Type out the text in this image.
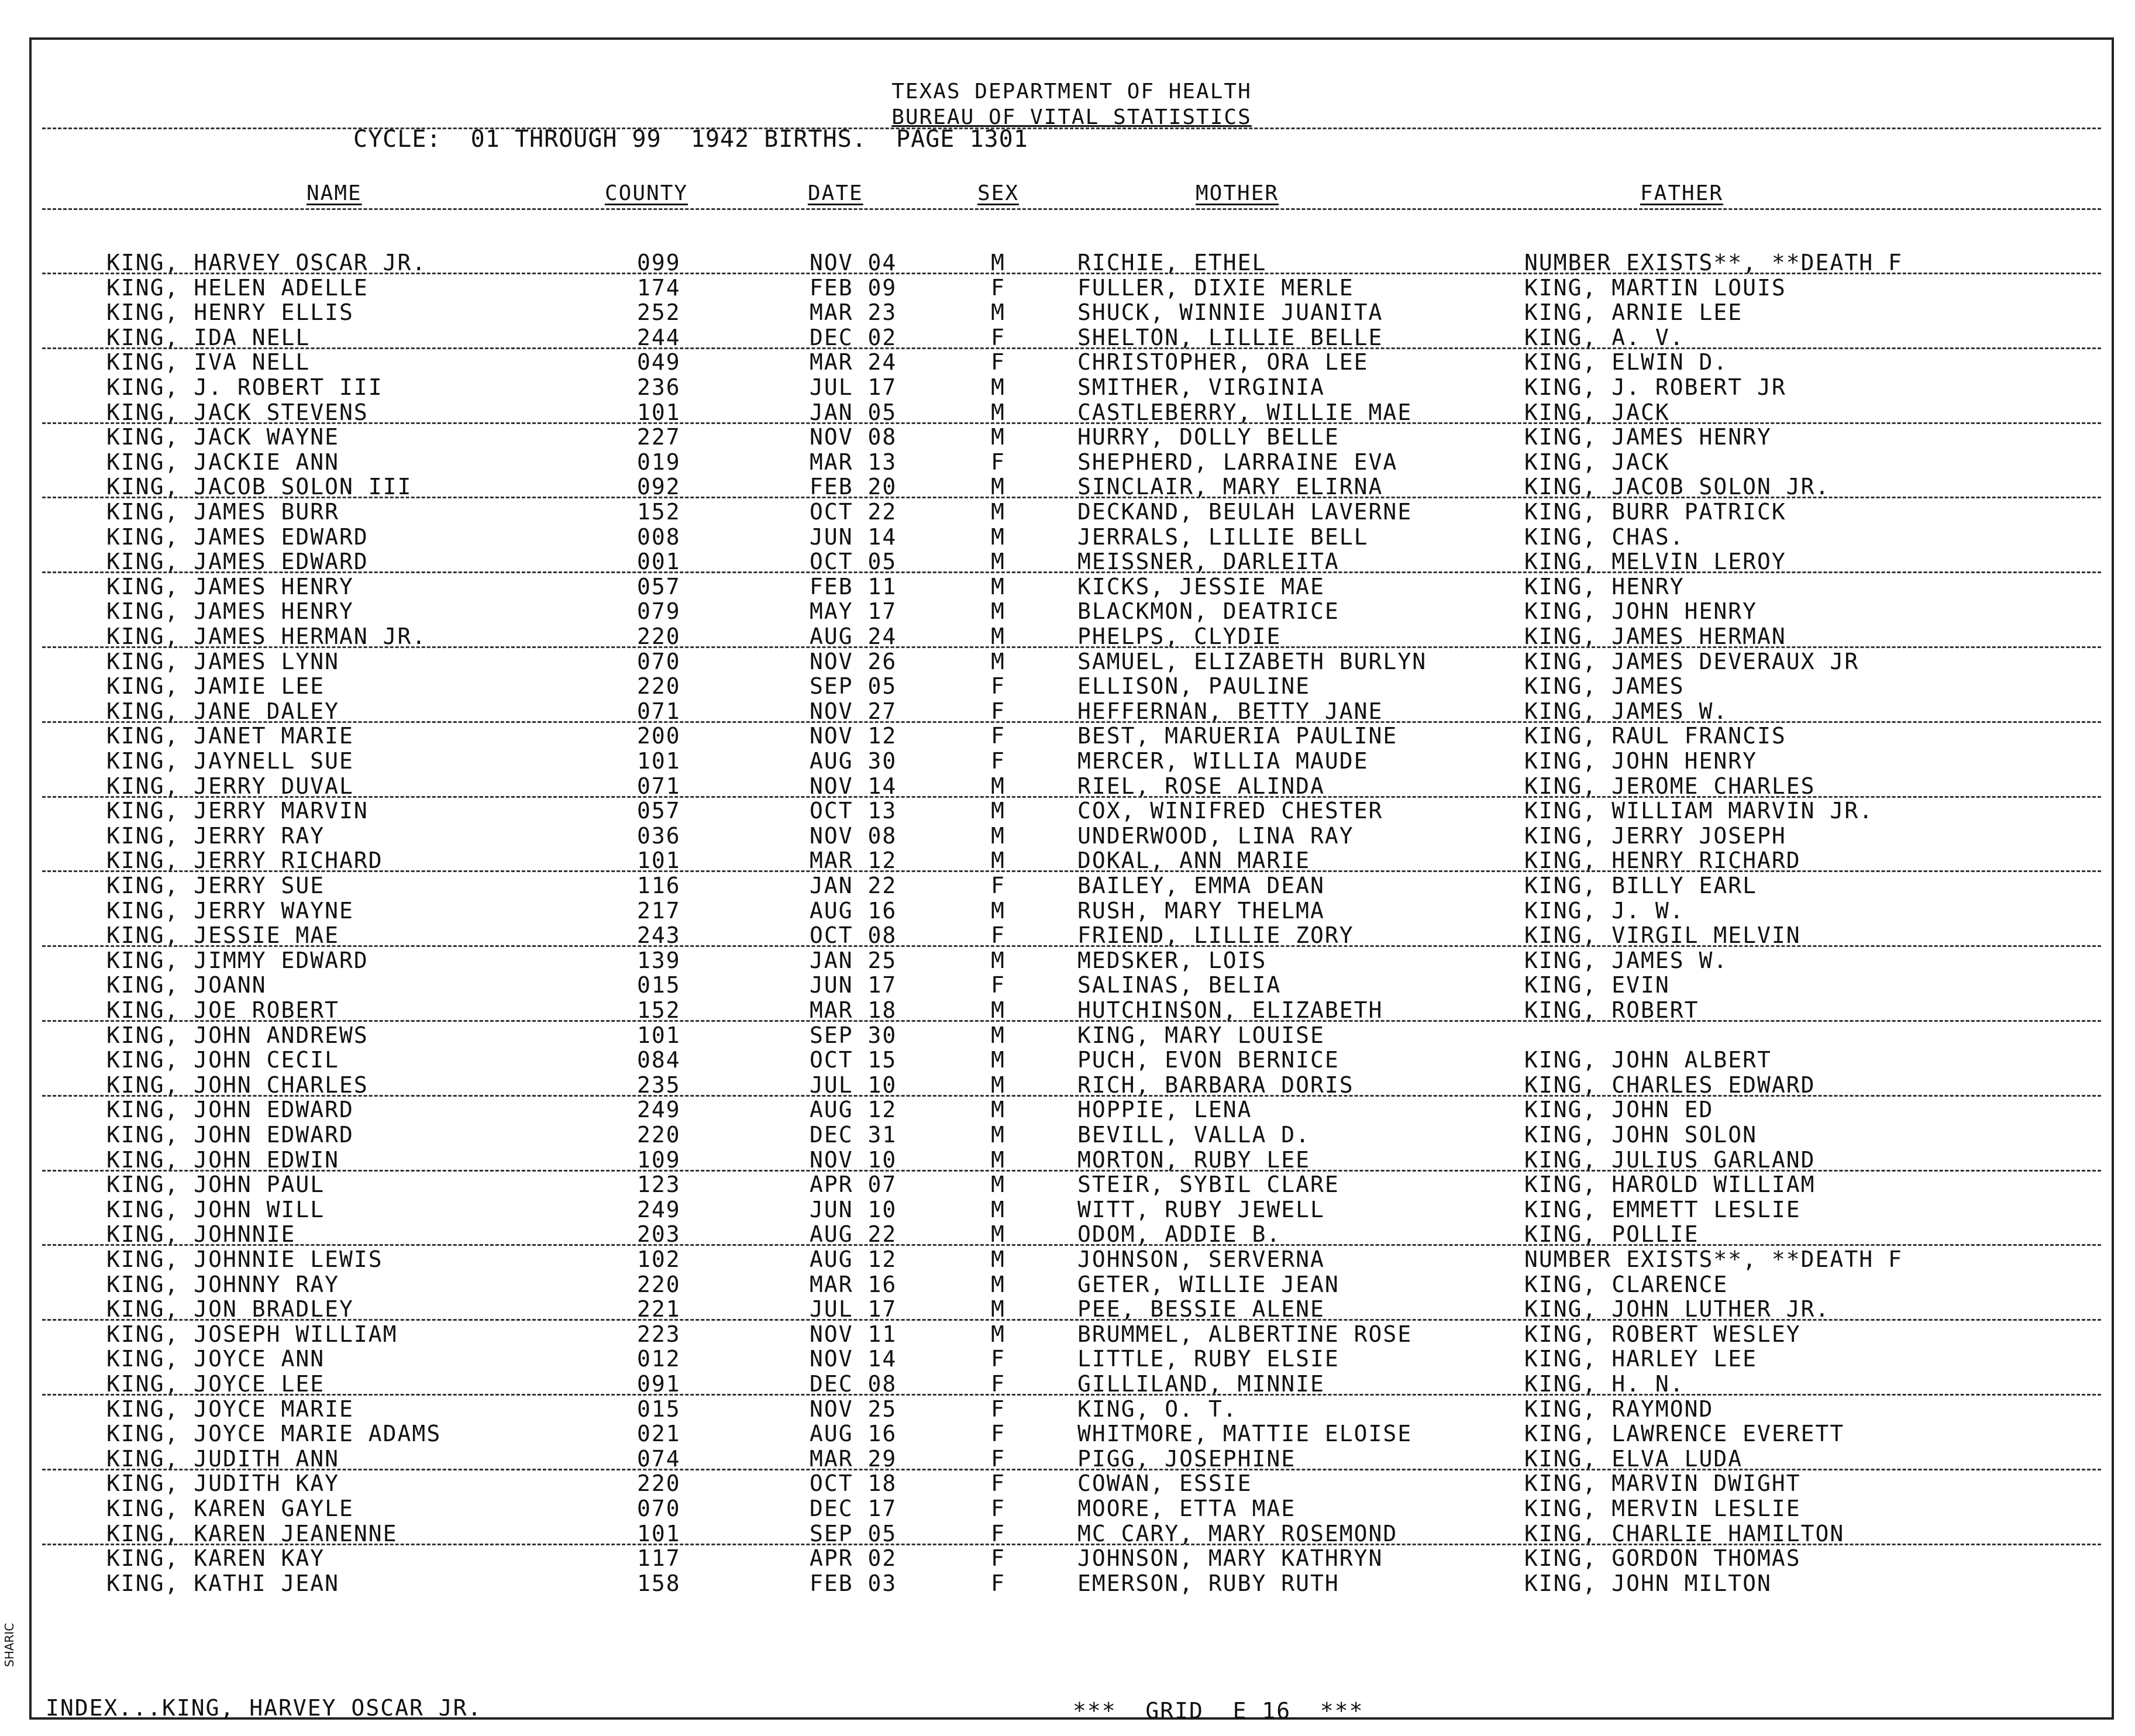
TEXAS DEPARTMENT OF HEALTH
BUREAU OF VITAL STATISTICS
CYCLE:  01 THROUGH 99  1942 BIRTHS.  PAGE 1301
NAME	COUNTY	DATE	SEX	MOTHER	FATHER
KING, HARVEY OSCAR JR.	099	NOV 04	M	RICHIE, ETHEL	NUMBER EXISTS**, **DEATH F
KING, HELEN ADELLE	174	FEB 09	F	FULLER, DIXIE MERLE	KING, MARTIN LOUIS
KING, HENRY ELLIS	252	MAR 23	M	SHUCK, WINNIE JUANITA	KING, ARNIE LEE
KING, IDA NELL	244	DEC 02	F	SHELTON, LILLIE BELLE	KING, A. V.
KING, IVA NELL	049	MAR 24	F	CHRISTOPHER, ORA LEE	KING, ELWIN D.
KING, J. ROBERT III	236	JUL 17	M	SMITHER, VIRGINIA	KING, J. ROBERT JR
KING, JACK STEVENS	101	JAN 05	M	CASTLEBERRY, WILLIE MAE	KING, JACK
KING, JACK WAYNE	227	NOV 08	M	HURRY, DOLLY BELLE	KING, JAMES HENRY
KING, JACKIE ANN	019	MAR 13	F	SHEPHERD, LARRAINE EVA	KING, JACK
KING, JACOB SOLON III	092	FEB 20	M	SINCLAIR, MARY ELIRNA	KING, JACOB SOLON JR.
KING, JAMES BURR	152	OCT 22	M	DECKAND, BEULAH LAVERNE	KING, BURR PATRICK
KING, JAMES EDWARD	008	JUN 14	M	JERRALS, LILLIE BELL	KING, CHAS.
KING, JAMES EDWARD	001	OCT 05	M	MEISSNER, DARLEITA	KING, MELVIN LEROY
KING, JAMES HENRY	057	FEB 11	M	KICKS, JESSIE MAE	KING, HENRY
KING, JAMES HENRY	079	MAY 17	M	BLACKMON, DEATRICE	KING, JOHN HENRY
KING, JAMES HERMAN JR.	220	AUG 24	M	PHELPS, CLYDIE	KING, JAMES HERMAN
KING, JAMES LYNN	070	NOV 26	M	SAMUEL, ELIZABETH BURLYN	KING, JAMES DEVERAUX JR
KING, JAMIE LEE	220	SEP 05	F	ELLISON, PAULINE	KING, JAMES
KING, JANE DALEY	071	NOV 27	F	HEFFERNAN, BETTY JANE	KING, JAMES W.
KING, JANET MARIE	200	NOV 12	F	BEST, MARUERIA PAULINE	KING, RAUL FRANCIS
KING, JAYNELL SUE	101	AUG 30	F	MERCER, WILLIA MAUDE	KING, JOHN HENRY
KING, JERRY DUVAL	071	NOV 14	M	RIEL, ROSE ALINDA	KING, JEROME CHARLES
KING, JERRY MARVIN	057	OCT 13	M	COX, WINIFRED CHESTER	KING, WILLIAM MARVIN JR.
KING, JERRY RAY	036	NOV 08	M	UNDERWOOD, LINA RAY	KING, JERRY JOSEPH
KING, JERRY RICHARD	101	MAR 12	M	DOKAL, ANN MARIE	KING, HENRY RICHARD
KING, JERRY SUE	116	JAN 22	F	BAILEY, EMMA DEAN	KING, BILLY EARL
KING, JERRY WAYNE	217	AUG 16	M	RUSH, MARY THELMA	KING, J. W.
KING, JESSIE MAE	243	OCT 08	F	FRIEND, LILLIE ZORY	KING, VIRGIL MELVIN
KING, JIMMY EDWARD	139	JAN 25	M	MEDSKER, LOIS	KING, JAMES W.
KING, JOANN	015	JUN 17	F	SALINAS, BELIA	KING, EVIN
KING, JOE ROBERT	152	MAR 18	M	HUTCHINSON, ELIZABETH	KING, ROBERT
KING, JOHN ANDREWS	101	SEP 30	M	KING, MARY LOUISE
KING, JOHN CECIL	084	OCT 15	M	PUCH, EVON BERNICE	KING, JOHN ALBERT
KING, JOHN CHARLES	235	JUL 10	M	RICH, BARBARA DORIS	KING, CHARLES EDWARD
KING, JOHN EDWARD	249	AUG 12	M	HOPPIE, LENA	KING, JOHN ED
KING, JOHN EDWARD	220	DEC 31	M	BEVILL, VALLA D.	KING, JOHN SOLON
KING, JOHN EDWIN	109	NOV 10	M	MORTON, RUBY LEE	KING, JULIUS GARLAND
KING, JOHN PAUL	123	APR 07	M	STEIR, SYBIL CLARE	KING, HAROLD WILLIAM
KING, JOHN WILL	249	JUN 10	M	WITT, RUBY JEWELL	KING, EMMETT LESLIE
KING, JOHNNIE	203	AUG 22	M	ODOM, ADDIE B.	KING, POLLIE
KING, JOHNNIE LEWIS	102	AUG 12	M	JOHNSON, SERVERNA	NUMBER EXISTS**, **DEATH F
KING, JOHNNY RAY	220	MAR 16	M	GETER, WILLIE JEAN	KING, CLARENCE
KING, JON BRADLEY	221	JUL 17	M	PEE, BESSIE ALENE	KING, JOHN LUTHER JR.
KING, JOSEPH WILLIAM	223	NOV 11	M	BRUMMEL, ALBERTINE ROSE	KING, ROBERT WESLEY
KING, JOYCE ANN	012	NOV 14	F	LITTLE, RUBY ELSIE	KING, HARLEY LEE
KING, JOYCE LEE	091	DEC 08	F	GILLILAND, MINNIE	KING, H. N.
KING, JOYCE MARIE	015	NOV 25	F	KING, O. T.	KING, RAYMOND
KING, JOYCE MARIE ADAMS	021	AUG 16	F	WHITMORE, MATTIE ELOISE	KING, LAWRENCE EVERETT
KING, JUDITH ANN	074	MAR 29	F	PIGG, JOSEPHINE	KING, ELVA LUDA
KING, JUDITH KAY	220	OCT 18	F	COWAN, ESSIE	KING, MARVIN DWIGHT
KING, KAREN GAYLE	070	DEC 17	F	MOORE, ETTA MAE	KING, MERVIN LESLIE
KING, KAREN JEANENNE	101	SEP 05	F	MC CARY, MARY ROSEMOND	KING, CHARLIE HAMILTON
KING, KAREN KAY	117	APR 02	F	JOHNSON, MARY KATHRYN	KING, GORDON THOMAS
KING, KATHI JEAN	158	FEB 03	F	EMERSON, RUBY RUTH	KING, JOHN MILTON
INDEX...KING, HARVEY OSCAR JR.	***  GRID  E 16  ***
SHARIC
